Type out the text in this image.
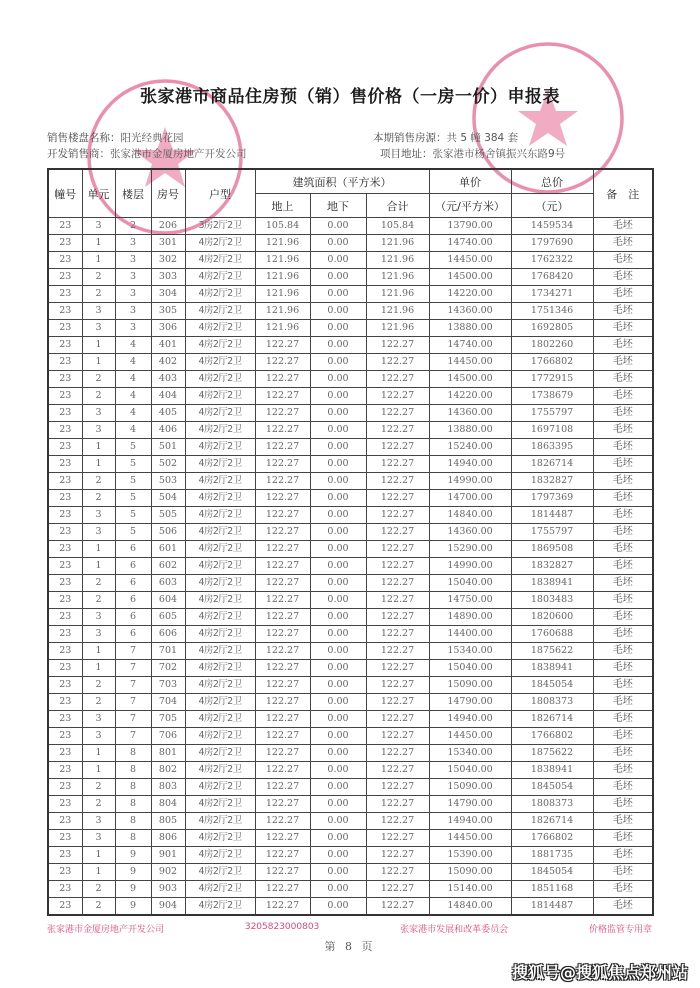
张家港市商品住房预（销）售价格（一房一价）申报表
销售楼盘名称：阳光经典花园
开发销售商：张家港市金厦房地产开发公司
本期销售房源：共 5 幢 384 套
项目地址：张家港市杨舍镇振兴东路9号
幢号	单元	楼层	房号	户型	建筑面积（平方米）			单价	总价	备　注
					地上	地下	合计	（元/平方米）	（元）	
23	3	2	206	3房2厅2卫	105.84	0.00	105.84	13790.00	1459534	毛坯
23	1	3	301	4房2厅2卫	121.96	0.00	121.96	14740.00	1797690	毛坯
23	1	3	302	4房2厅2卫	121.96	0.00	121.96	14450.00	1762322	毛坯
23	2	3	303	4房2厅2卫	121.96	0.00	121.96	14500.00	1768420	毛坯
23	2	3	304	4房2厅2卫	121.96	0.00	121.96	14220.00	1734271	毛坯
23	3	3	305	4房2厅2卫	121.96	0.00	121.96	14360.00	1751346	毛坯
23	3	3	306	4房2厅2卫	121.96	0.00	121.96	13880.00	1692805	毛坯
23	1	4	401	4房2厅2卫	122.27	0.00	122.27	14740.00	1802260	毛坯
23	1	4	402	4房2厅2卫	122.27	0.00	122.27	14450.00	1766802	毛坯
23	2	4	403	4房2厅2卫	122.27	0.00	122.27	14500.00	1772915	毛坯
23	2	4	404	4房2厅2卫	122.27	0.00	122.27	14220.00	1738679	毛坯
23	3	4	405	4房2厅2卫	122.27	0.00	122.27	14360.00	1755797	毛坯
23	3	4	406	4房2厅2卫	122.27	0.00	122.27	13880.00	1697108	毛坯
23	1	5	501	4房2厅2卫	122.27	0.00	122.27	15240.00	1863395	毛坯
23	1	5	502	4房2厅2卫	122.27	0.00	122.27	14940.00	1826714	毛坯
23	2	5	503	4房2厅2卫	122.27	0.00	122.27	14990.00	1832827	毛坯
23	2	5	504	4房2厅2卫	122.27	0.00	122.27	14700.00	1797369	毛坯
23	3	5	505	4房2厅2卫	122.27	0.00	122.27	14840.00	1814487	毛坯
23	3	5	506	4房2厅2卫	122.27	0.00	122.27	14360.00	1755797	毛坯
23	1	6	601	4房2厅2卫	122.27	0.00	122.27	15290.00	1869508	毛坯
23	1	6	602	4房2厅2卫	122.27	0.00	122.27	14990.00	1832827	毛坯
23	2	6	603	4房2厅2卫	122.27	0.00	122.27	15040.00	1838941	毛坯
23	2	6	604	4房2厅2卫	122.27	0.00	122.27	14750.00	1803483	毛坯
23	3	6	605	4房2厅2卫	122.27	0.00	122.27	14890.00	1820600	毛坯
23	3	6	606	4房2厅2卫	122.27	0.00	122.27	14400.00	1760688	毛坯
23	1	7	701	4房2厅2卫	122.27	0.00	122.27	15340.00	1875622	毛坯
23	1	7	702	4房2厅2卫	122.27	0.00	122.27	15040.00	1838941	毛坯
23	2	7	703	4房2厅2卫	122.27	0.00	122.27	15090.00	1845054	毛坯
23	2	7	704	4房2厅2卫	122.27	0.00	122.27	14790.00	1808373	毛坯
23	3	7	705	4房2厅2卫	122.27	0.00	122.27	14940.00	1826714	毛坯
23	3	7	706	4房2厅2卫	122.27	0.00	122.27	14450.00	1766802	毛坯
23	1	8	801	4房2厅2卫	122.27	0.00	122.27	15340.00	1875622	毛坯
23	1	8	802	4房2厅2卫	122.27	0.00	122.27	15040.00	1838941	毛坯
23	2	8	803	4房2厅2卫	122.27	0.00	122.27	15090.00	1845054	毛坯
23	2	8	804	4房2厅2卫	122.27	0.00	122.27	14790.00	1808373	毛坯
23	3	8	805	4房2厅2卫	122.27	0.00	122.27	14940.00	1826714	毛坯
23	3	8	806	4房2厅2卫	122.27	0.00	122.27	14450.00	1766802	毛坯
23	1	9	901	4房2厅2卫	122.27	0.00	122.27	15390.00	1881735	毛坯
23	1	9	902	4房2厅2卫	122.27	0.00	122.27	15090.00	1845054	毛坯
23	2	9	903	4房2厅2卫	122.27	0.00	122.27	15140.00	1851168	毛坯
23	2	9	904	4房2厅2卫	122.27	0.00	122.27	14840.00	1814487	毛坯
张家港市金厦房地产开发公司	3205823000803	张家港市发展和改革委员会	价格监管专用章
第 8 页
搜狐号@搜狐焦点郑州站
